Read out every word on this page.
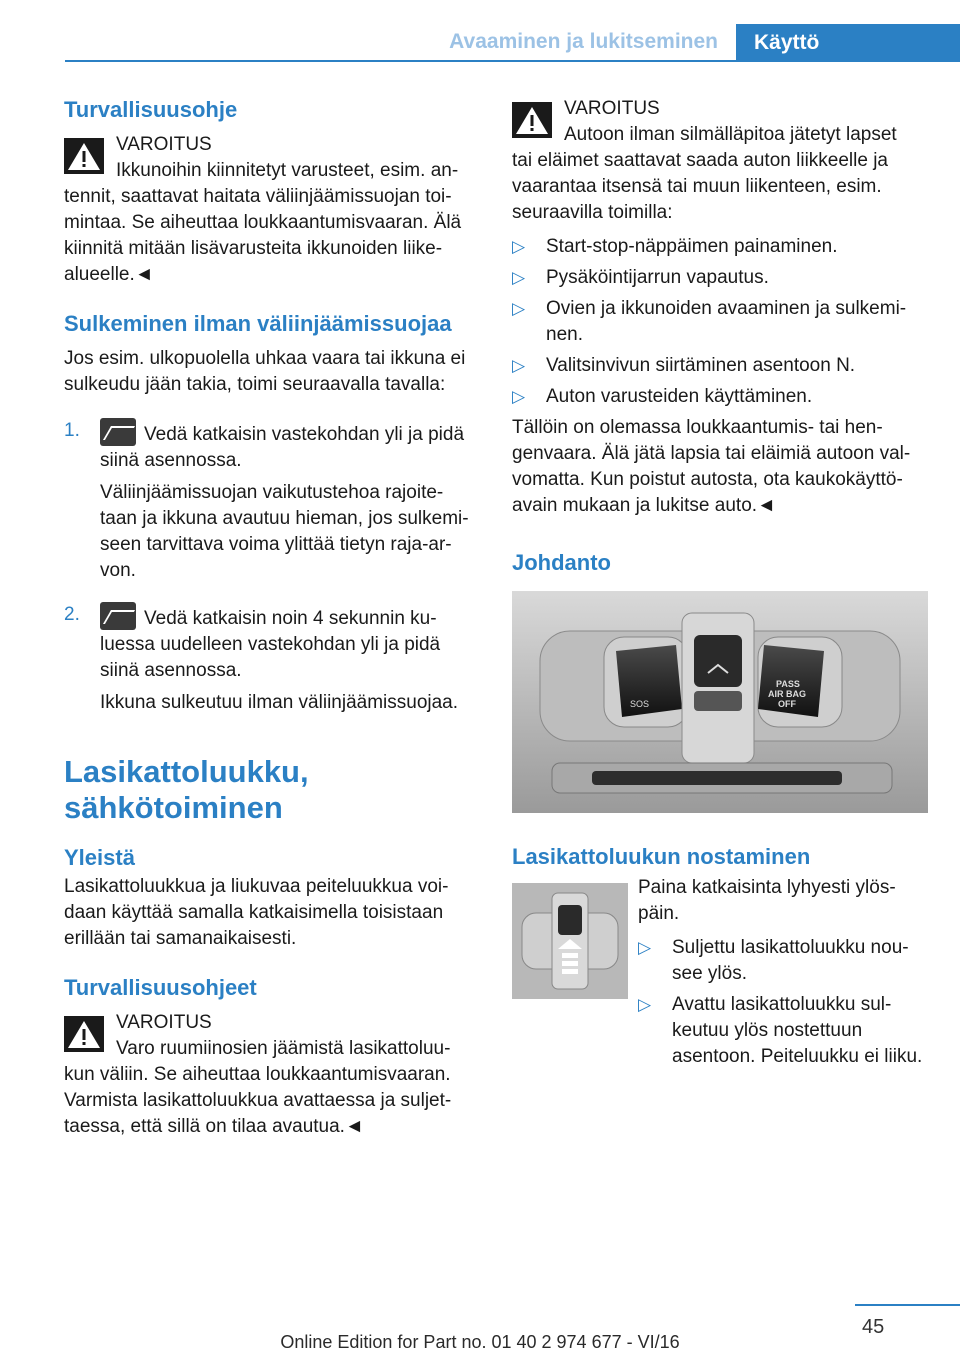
Avaaminen ja lukitseminen	Käyttö
Turvallisuusohje
VAROITUS
Ikkunoihin kiinnitetyt varusteet, esim. an-

tennit, saattavat haitata väliinjäämissuojan toi-mintaa. Se aiheuttaa loukkaantumisvaaran. Älä kiinnitä mitään lisävarusteita ikkunoiden liike-alueelle.◄

Sulkeminen ilman väliinjäämissuojaa

Jos esim. ulkopuolella uhkaa vaara tai ikkuna ei sulkeudu jään takia, toimi seuraavalla tavalla:

1.	Vedä katkaisin vastekohdan yli ja pidä siinä asennossa.

Väliinjäämissuojan vaikutustehoa rajoite-taan ja ikkuna avautuu hieman, jos sulkemi-seen tarvittava voima ylittää tietyn raja-ar-von.

2.	Vedä katkaisin noin 4 sekunnin ku-luessa uudelleen vastekohdan yli ja pidä siinä asennossa.

Ikkuna sulkeutuu ilman väliinjäämissuojaa.

Lasikattoluukku,
sähkötoiminen
Yleistä

Lasikattoluukkua ja liukuvaa peiteluukkua voi-daan käyttää samalla katkaisimella toisistaan erillään tai samanaikaisesti.

Turvallisuusohjeet
VAROITUS
Varo ruumiinosien jäämistä lasikattoluu-

kun väliin. Se aiheuttaa loukkaantumisvaaran. Varmista lasikattoluukkua avattaessa ja suljet-taessa, että sillä on tilaa avautua.◄

VAROITUS
Autoon ilman silmälläpitoa jätetyt lapset

tai eläimet saattavat saada auton liikkeelle ja vaarantaa itsensä tai muun liikenteen, esim. seuraavilla toimilla:

▷ Start-stop-näppäimen painaminen.
▷ Pysäköintijarrun vapautus.
▷ Ovien ja ikkunoiden avaaminen ja sulkemi-nen.
▷ Valitsinvivun siirtäminen asentoon N.
▷ Auton varusteiden käyttäminen.

Tällöin on olemassa loukkaantumis- tai hen-genvaara. Älä jätä lapsia tai eläimiä autoon val-vomatta. Kun poistut autosta, ota kaukokäyttö-avain mukaan ja lukitse auto.◄

Johdanto
SOS
PASS
AIR BAG
OFF
Lasikattoluukun nostaminen

Paina katkaisinta lyhyesti ylös-päin.

▷ Suljettu lasikattoluukku nou-see ylös.
▷ Avattu lasikattoluukku sul-keutuu ylös nostettuun asentoon. Peiteluukku ei liiku.
45
Online Edition for Part no. 01 40 2 974 677 - VI/16
